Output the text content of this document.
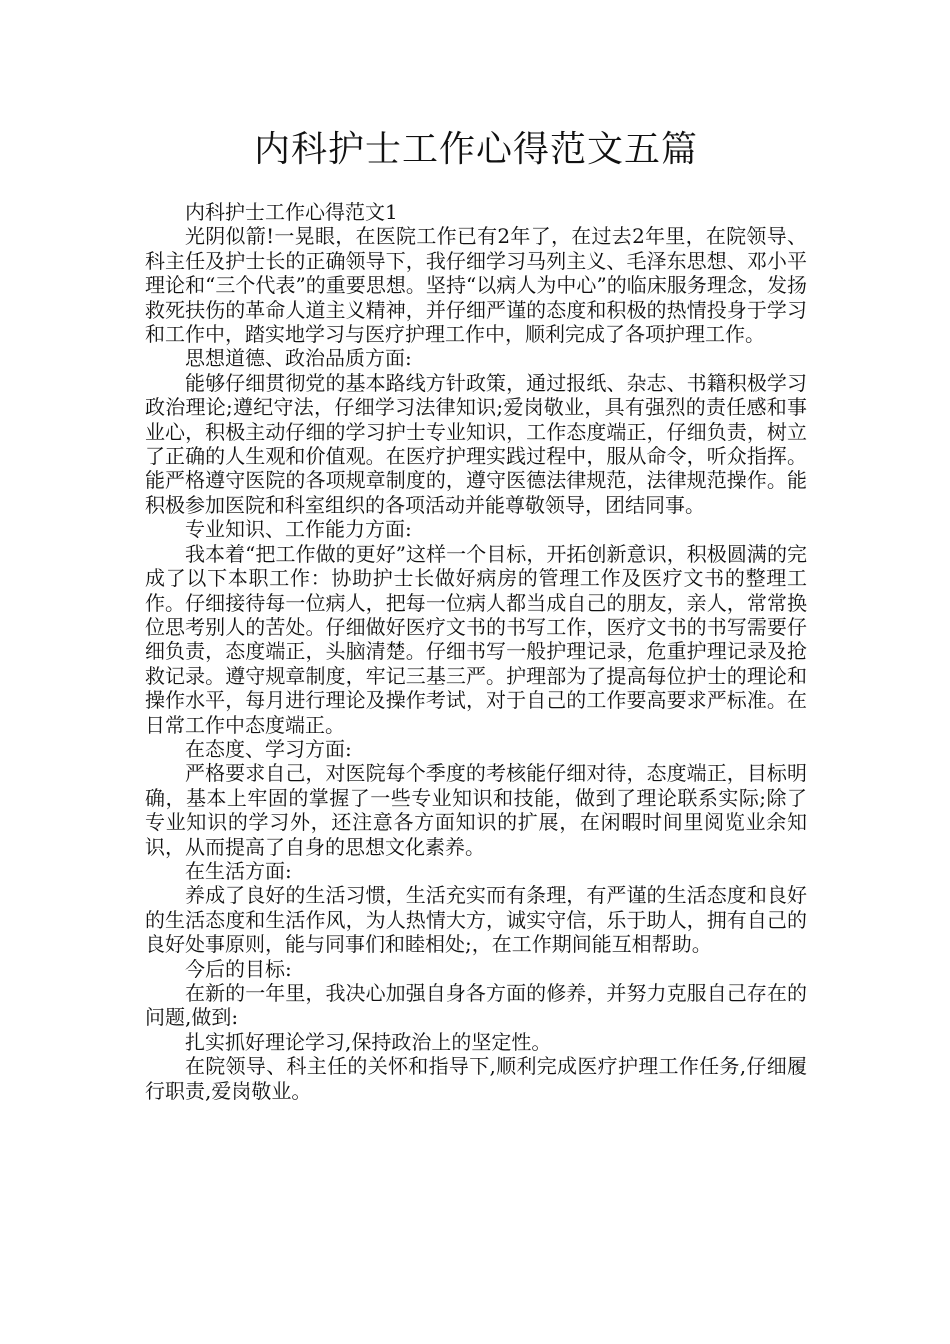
内科护士工作心得范文五篇

内科护士工作心得范文1

光阴似箭!一晃眼，在医院工作已有2年了，在过去2年里，在院领导、科主任及护士长的正确领导下，我仔细学习马列主义、毛泽东思想、邓小平理论和“三个代表”的重要思想。坚持“以病人为中心”的临床服务理念，发扬救死扶伤的革命人道主义精神，并仔细严谨的态度和积极的热情投身于学习和工作中，踏实地学习与医疗护理工作中，顺利完成了各项护理工作。

思想道德、政治品质方面:

能够仔细贯彻党的基本路线方针政策，通过报纸、杂志、书籍积极学习政治理论;遵纪守法，仔细学习法律知识;爱岗敬业，具有强烈的责任感和事业心，积极主动仔细的学习护士专业知识，工作态度端正，仔细负责，树立了正确的人生观和价值观。在医疗护理实践过程中，服从命令，听众指挥。能严格遵守医院的各项规章制度的，遵守医德法律规范，法律规范操作。能积极参加医院和科室组织的各项活动并能尊敬领导，团结同事。

专业知识、工作能力方面:

我本着“把工作做的更好”这样一个目标，开拓创新意识，积极圆满的完成了以下本职工作：协助护士长做好病房的管理工作及医疗文书的整理工作。仔细接待每一位病人，把每一位病人都当成自己的朋友，亲人，常常换位思考别人的苦处。仔细做好医疗文书的书写工作，医疗文书的书写需要仔细负责，态度端正，头脑清楚。仔细书写一般护理记录，危重护理记录及抢救记录。遵守规章制度，牢记三基三严。护理部为了提高每位护士的理论和操作水平，每月进行理论及操作考试，对于自己的工作要高要求严标准。在日常工作中态度端正。

在态度、学习方面:

严格要求自己，对医院每个季度的考核能仔细对待，态度端正，目标明确，基本上牢固的掌握了一些专业知识和技能，做到了理论联系实际;除了专业知识的学习外，还注意各方面知识的扩展，在闲暇时间里阅览业余知识，从而提高了自身的思想文化素养。

在生活方面:

养成了良好的生活习惯，生活充实而有条理，有严谨的生活态度和良好的生活态度和生活作风，为人热情大方，诚实守信，乐于助人，拥有自己的良好处事原则，能与同事们和睦相处;，在工作期间能互相帮助。

今后的目标:

在新的一年里，我决心加强自身各方面的修养，并努力克服自己存在的问题,做到:

扎实抓好理论学习,保持政治上的坚定性。

在院领导、科主任的关怀和指导下,顺利完成医疗护理工作任务,仔细履行职责,爱岗敬业。
